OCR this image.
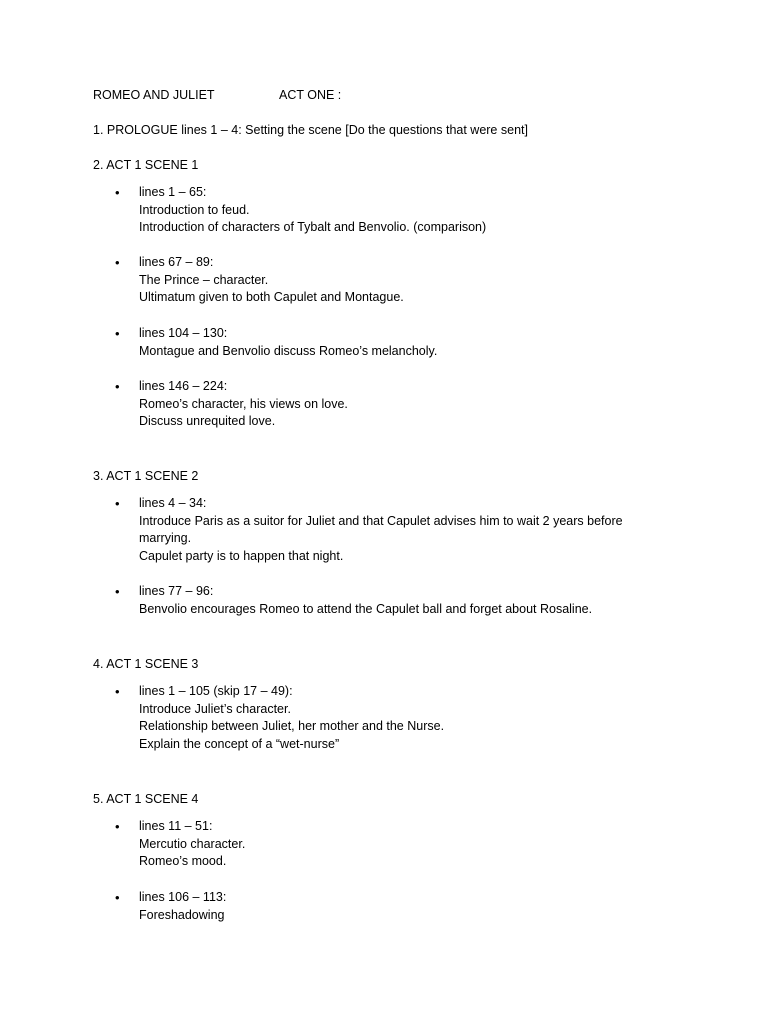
ROMEO AND JULIET	ACT ONE :
1. PROLOGUE lines 1 – 4: Setting the scene [Do the questions that were sent]
2. ACT 1 SCENE 1
• lines 1 – 65:
Introduction to feud.
Introduction of characters of Tybalt and Benvolio. (comparison)
• lines 67 – 89:
The Prince – character.
Ultimatum given to both Capulet and Montague.
• lines 104 – 130:
Montague and Benvolio discuss Romeo’s melancholy.
• lines 146 – 224:
Romeo’s character, his views on love.
Discuss unrequited love.
3. ACT 1 SCENE 2
• lines 4 – 34:
Introduce Paris as a suitor for Juliet and that Capulet advises him to wait 2 years before
marrying.
Capulet party is to happen that night.
• lines 77 – 96:
Benvolio encourages Romeo to attend the Capulet ball and forget about Rosaline.
4. ACT 1 SCENE 3
• lines 1 – 105 (skip 17 – 49):
Introduce Juliet’s character.
Relationship between Juliet, her mother and the Nurse.
Explain the concept of a “wet-nurse”
5. ACT 1 SCENE 4
• lines 11 – 51:
Mercutio character.
Romeo’s mood.
• lines 106 – 113:
Foreshadowing
